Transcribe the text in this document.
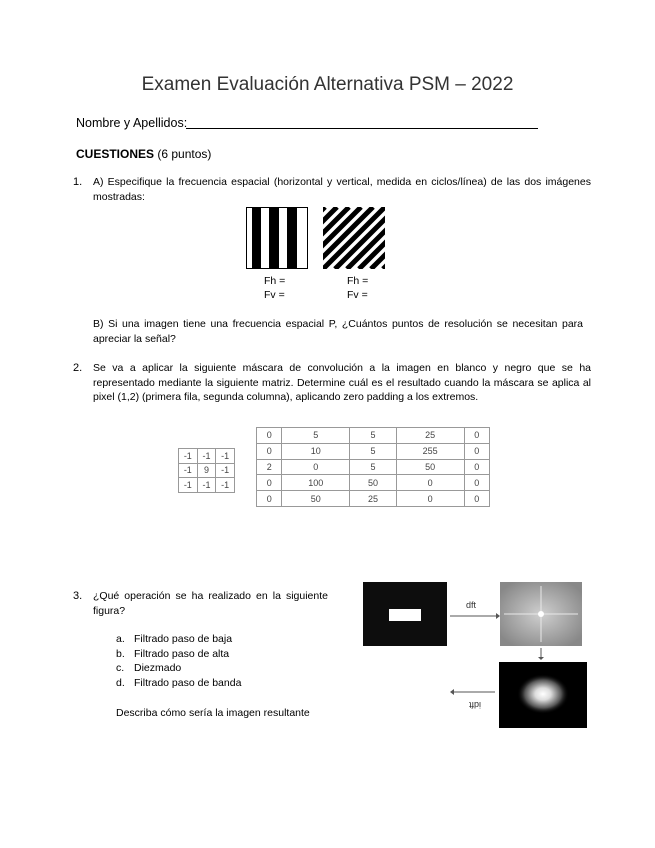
Examen Evaluación Alternativa PSM – 2022
Nombre y Apellidos:
CUESTIONES (6 puntos)
1. A) Especifique la frecuencia espacial (horizontal y vertical, medida en ciclos/línea) de las dos imágenes mostradas:
Fh =
Fv =
Fh =
Fv =
B) Si una imagen tiene una frecuencia espacial P, ¿Cuántos puntos de resolución se necesitan para apreciar la señal?
2. Se va a aplicar la siguiente máscara de convolución a la imagen en blanco y negro que se ha representado mediante la siguiente matriz. Determine cuál es el resultado cuando la máscara se aplica al pixel (1,2) (primera fila, segunda columna), aplicando zero padding a los extremos.
-1	-1	-1
-1	9	-1
-1	-1	-1
0	5	5	25	0
0	10	5	255	0
2	0	5	50	0
0	100	50	0	0
0	50	25	0	0
3. ¿Qué operación se ha realizado en la siguiente figura?
a. Filtrado paso de baja
b. Filtrado paso de alta
c. Diezmado
d. Filtrado paso de banda
Describa cómo sería la imagen resultante
dft
idft
